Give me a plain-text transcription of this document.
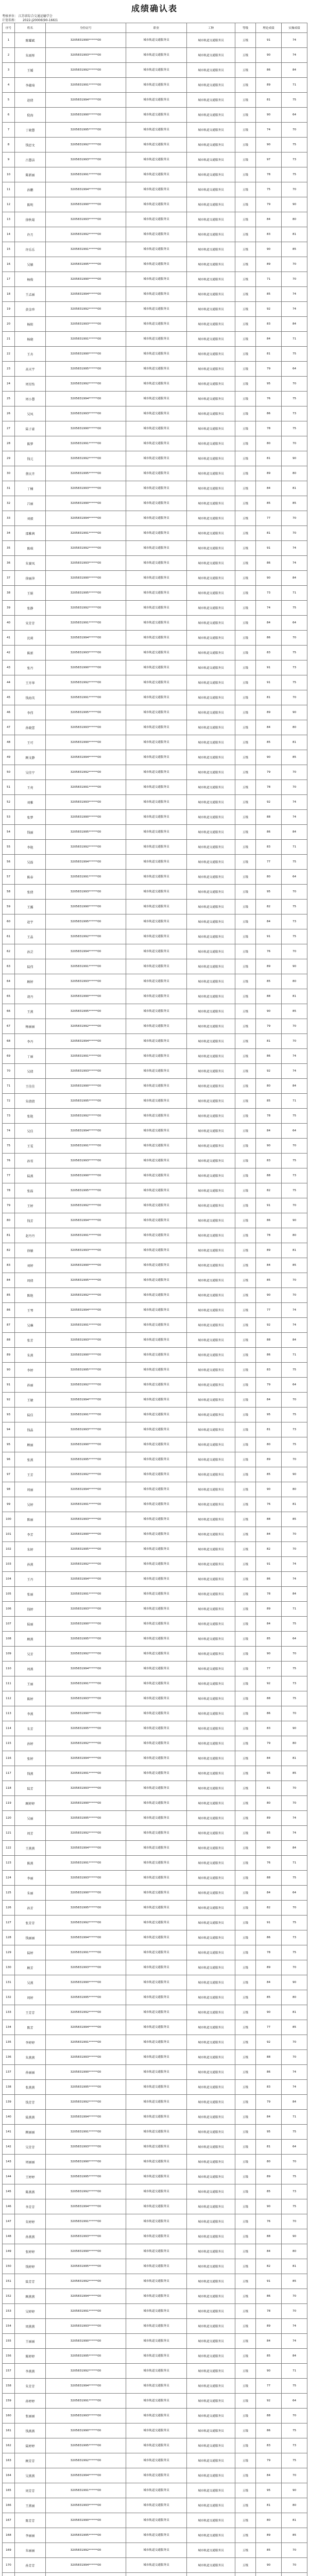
成绩确认表
考核单位： 江苏省综合交通运输学会
计划名称： 2022-J20006(90-166)1
序号	姓名	身份证号	职业	工种	等级	理论成绩	实操成绩
1	陈耀斌	3205831990******00	城市轨道交通服务员	城市轨道交通服务员	五级	91	74
2	朱雨彤	3205831993******00	城市轨道交通服务员	城市轨道交通服务员	五级	90	74
3	王媛	3205831992******00	城市轨道交通服务员	城市轨道交通服务员	五级	86	84
4	李蕴琦	3205831991******00	城市轨道交通服务员	城市轨道交通服务员	五级	89	71
5	赵倩	3205831994******00	城市轨道交通服务员	城市轨道交通服务员	五级	81	75
6	倪海	3205831990******00	城市轨道交通服务员	城市轨道交通服务员	五级	90	64
7	丁晓慧	3205831995******00	城市轨道交通服务员	城市轨道交通服务员	五级	74	70
8	钱思文	3205831992******00	城市轨道交通服务员	城市轨道交通服务员	五级	90	75
9	吕慧洁	3205831993******00	城市轨道交通服务员	城市轨道交通服务员	五级	97	73
10	陈新丽	3205831991******00	城市轨道交通服务员	城市轨道交通服务员	五级	78	75
11	孙鹏	3205831994******00	城市轨道交通服务员	城市轨道交通服务员	五级	75	70
12	陈明	3205831990******00	城市轨道交通服务员	城市轨道交通服务员	五级	79	90
13	徐秋菊	3205831993******00	城市轨道交通服务员	城市轨道交通服务员	五级	84	80
14	许月	3205831992******00	城市轨道交通服务员	城市轨道交通服务员	五级	83	81
15	许乐乐	3205831991******00	城市轨道交通服务员	城市轨道交通服务员	五级	90	85
16	吴敏	3205831995******00	城市轨道交通服务员	城市轨道交通服务员	五级	89	70
17	杨俊	3205831990******00	城市轨道交通服务员	城市轨道交通服务员	五级	71	70
18	王孟丽	3205831994******00	城市轨道交通服务员	城市轨道交通服务员	五级	85	74
19	黄金珍	3205831992******00	城市轨道交通服务员	城市轨道交通服务员	五级	92	74
20	杨阳	3205831993******00	城市轨道交通服务员	城市轨道交通服务员	五级	83	84
21	杨晓	3205831991******00	城市轨道交通服务员	城市轨道交通服务员	五级	84	71
22	王舟	3205831990******00	城市轨道交通服务员	城市轨道交通服务员	五级	81	75
23	高天宇	3205831995******00	城市轨道交通服务员	城市轨道交通服务员	五级	79	64
24	周星怡	3205831992******00	城市轨道交通服务员	城市轨道交通服务员	五级	95	70
25	周小慧	3205831994******00	城市轨道交通服务员	城市轨道交通服务员	五级	76	75
26	吴凤	3205831993******00	城市轨道交通服务员	城市轨道交通服务员	五级	86	73
27	陆子豪	3205831990******00	城市轨道交通服务员	城市轨道交通服务员	五级	78	75
28	陈梦	3205831991******00	城市轨道交通服务员	城市轨道交通服务员	五级	80	70
29	钱元	3205831992******00	城市轨道交通服务员	城市轨道交通服务员	五级	81	90
30	蔡庆卉	3205831995******00	城市轨道交通服务员	城市轨道交通服务员	五级	89	80
31	丁楠	3205831993******00	城市轨道交通服务员	城市轨道交通服务员	五级	84	81
32	吕丽	3205831990******00	城市轨道交通服务员	城市轨道交通服务员	五级	85	85
33	刘毅	3205831994******00	城市轨道交通服务员	城市轨道交通服务员	五级	77	70
34	邵雅茜	3205831991******00	城市轨道交通服务员	城市轨道交通服务员	五级	81	70
35	陈琪	3205831992******00	城市轨道交通服务员	城市轨道交通服务员	五级	91	74
36	朱赛凤	3205831993******00	城市轨道交通服务员	城市轨道交通服务员	五级	86	74
37	徐丽萍	3205831990******00	城市轨道交通服务员	城市轨道交通服务员	五级	90	84
38	王娟	3205831995******00	城市轨道交通服务员	城市轨道交通服务员	五级	73	71
39	张静	3205831992******00	城市轨道交通服务员	城市轨道交通服务员	五级	74	75
40	宋芳芳	3205831991******00	城市轨道交通服务员	城市轨道交通服务员	五级	84	64
41	沈莉	3205831994******00	城市轨道交通服务员	城市轨道交通服务员	五级	86	70
42	陈新	3205831993******00	城市轨道交通服务员	城市轨道交通服务员	五级	83	75
43	张丹	3205831990******00	城市轨道交通服务员	城市轨道交通服务员	五级	91	73
44	王开华	3205831992******00	城市轨道交通服务员	城市轨道交通服务员	五级	91	75
45	钱海英	3205831991******00	城市轨道交通服务员	城市轨道交通服务员	五级	81	70
46	李伟	3205831995******00	城市轨道交通服务员	城市轨道交通服务员	五级	89	90
47	孙晓蕾	3205831993******00	城市轨道交通服务员	城市轨道交通服务员	五级	84	80
48	王可	3205831990******00	城市轨道交通服务员	城市轨道交通服务员	五级	85	81
49	顾文静	3205831994******00	城市轨道交通服务员	城市轨道交通服务员	五级	90	85
50	吴佳宁	3205831992******00	城市轨道交通服务员	城市轨道交通服务员	五级	79	70
51	王亮	3205831991******00	城市轨道交通服务员	城市轨道交通服务员	五级	78	70
52	刘雅	3205831993******00	城市轨道交通服务员	城市轨道交通服务员	五级	92	74
53	张梦	3205831990******00	城市轨道交通服务员	城市轨道交通服务员	五级	88	74
54	钱丽	3205831995******00	城市轨道交通服务员	城市轨道交通服务员	五级	86	84
55	李艳	3205831992******00	城市轨道交通服务员	城市轨道交通服务员	五级	83	71
56	吴磊	3205831994******00	城市轨道交通服务员	城市轨道交通服务员	五级	77	75
57	陈春	3205831991******00	城市轨道交通服务员	城市轨道交通服务员	五级	80	64
58	张倩	3205831993******00	城市轨道交通服务员	城市轨道交通服务员	五级	95	70
59	王露	3205831990******00	城市轨道交通服务员	城市轨道交通服务员	五级	82	75
60	赵宇	3205831995******00	城市轨道交通服务员	城市轨道交通服务员	五级	84	73
61	王晶	3205831992******00	城市轨道交通服务员	城市轨道交通服务员	五级	91	75
62	孙芸	3205831994******00	城市轨道交通服务员	城市轨道交通服务员	五级	76	70
63	陆伟	3205831991******00	城市轨道交通服务员	城市轨道交通服务员	五级	89	90
64	顾婷	3205831993******00	城市轨道交通服务员	城市轨道交通服务员	五级	85	80
65	胡丹	3205831990******00	城市轨道交通服务员	城市轨道交通服务员	五级	88	81
66	王燕	3205831995******00	城市轨道交通服务员	城市轨道交通服务员	五级	90	85
67	杨丽丽	3205831992******00	城市轨道交通服务员	城市轨道交通服务员	五级	79	70
68	李丹	3205831994******00	城市轨道交通服务员	城市轨道交通服务员	五级	81	70
69	丁丽	3205831991******00	城市轨道交通服务员	城市轨道交通服务员	五级	86	74
70	吴倩	3205831993******00	城市轨道交通服务员	城市轨道交通服务员	五级	92	74
71	王佳佳	3205831990******00	城市轨道交通服务员	城市轨道交通服务员	五级	80	84
72	朱倩倩	3205831995******00	城市轨道交通服务员	城市轨道交通服务员	五级	85	71
73	张艳	3205831992******00	城市轨道交通服务员	城市轨道交通服务员	五级	78	75
74	吴佳	3205831994******00	城市轨道交通服务员	城市轨道交通服务员	五级	84	64
75	王雯	3205831991******00	城市轨道交通服务员	城市轨道交通服务员	五级	90	70
76	孙雪	3205831993******00	城市轨道交通服务员	城市轨道交通服务员	五级	83	75
77	陆燕	3205831990******00	城市轨道交通服务员	城市轨道交通服务员	五级	88	73
78	张磊	3205831995******00	城市轨道交通服务员	城市轨道交通服务员	五级	82	75
79	王婷	3205831992******00	城市轨道交通服务员	城市轨道交通服务员	五级	91	70
80	钱芳	3205831994******00	城市轨道交通服务员	城市轨道交通服务员	五级	86	90
81	赵丹丹	3205831991******00	城市轨道交通服务员	城市轨道交通服务员	五级	78	80
82	徐敏	3205831993******00	城市轨道交通服务员	城市轨道交通服务员	五级	89	81
83	刘婷	3205831990******00	城市轨道交通服务员	城市轨道交通服务员	五级	84	85
84	周倩	3205831995******00	城市轨道交通服务员	城市轨道交通服务员	五级	85	70
85	陈艳	3205831992******00	城市轨道交通服务员	城市轨道交通服务员	五级	90	70
86	王琴	3205831994******00	城市轨道交通服务员	城市轨道交通服务员	五级	77	74
87	吴琳	3205831991******00	城市轨道交通服务员	城市轨道交通服务员	五级	92	74
88	张芳	3205831993******00	城市轨道交通服务员	城市轨道交通服务员	五级	88	84
89	朱燕	3205831990******00	城市轨道交通服务员	城市轨道交通服务员	五级	86	71
90	李婷	3205831995******00	城市轨道交通服务员	城市轨道交通服务员	五级	83	75
91	孙丽	3205831992******00	城市轨道交通服务员	城市轨道交通服务员	五级	79	64
92	王敏	3205831994******00	城市轨道交通服务员	城市轨道交通服务员	五级	84	70
93	陆佳	3205831991******00	城市轨道交通服务员	城市轨道交通服务员	五级	95	75
94	钱晶	3205831993******00	城市轨道交通服务员	城市轨道交通服务员	五级	81	73
95	顾丽	3205831990******00	城市轨道交通服务员	城市轨道交通服务员	五级	80	75
96	张燕	3205831995******00	城市轨道交通服务员	城市轨道交通服务员	五级	89	70
97	王芳	3205831992******00	城市轨道交通服务员	城市轨道交通服务员	五级	85	90
98	周丽	3205831994******00	城市轨道交通服务员	城市轨道交通服务员	五级	90	80
99	吴婷	3205831991******00	城市轨道交通服务员	城市轨道交通服务员	五级	76	81
100	陈丽	3205831993******00	城市轨道交通服务员	城市轨道交通服务员	五级	88	85
101	李芳	3205831990******00	城市轨道交通服务员	城市轨道交通服务员	五级	84	70
102	朱婷	3205831995******00	城市轨道交通服务员	城市轨道交通服务员	五级	82	70
103	孙燕	3205831992******00	城市轨道交通服务员	城市轨道交通服务员	五级	91	74
104	王丹	3205831994******00	城市轨道交通服务员	城市轨道交通服务员	五级	86	74
105	张丽	3205831991******00	城市轨道交通服务员	城市轨道交通服务员	五级	78	84
106	钱婷	3205831993******00	城市轨道交通服务员	城市轨道交通服务员	五级	89	71
107	陆丽	3205831990******00	城市轨道交通服务员	城市轨道交通服务员	五级	84	75
108	顾燕	3205831995******00	城市轨道交通服务员	城市轨道交通服务员	五级	85	64
109	吴芳	3205831992******00	城市轨道交通服务员	城市轨道交通服务员	五级	90	70
110	周燕	3205831994******00	城市轨道交通服务员	城市轨道交通服务员	五级	77	75
111	王丽	3205831991******00	城市轨道交通服务员	城市轨道交通服务员	五级	92	73
112	陈婷	3205831993******00	城市轨道交通服务员	城市轨道交通服务员	五级	88	75
113	李燕	3205831990******00	城市轨道交通服务员	城市轨道交通服务员	五级	86	70
114	朱芳	3205831995******00	城市轨道交通服务员	城市轨道交通服务员	五级	83	90
115	孙婷	3205831992******00	城市轨道交通服务员	城市轨道交通服务员	五级	79	80
116	张婷	3205831994******00	城市轨道交通服务员	城市轨道交通服务员	五级	84	81
117	钱燕	3205831991******00	城市轨道交通服务员	城市轨道交通服务员	五级	95	85
118	陆芳	3205831993******00	城市轨道交通服务员	城市轨道交通服务员	五级	81	70
119	顾婷婷	3205831990******00	城市轨道交通服务员	城市轨道交通服务员	五级	80	70
120	吴丽	3205831995******00	城市轨道交通服务员	城市轨道交通服务员	五级	89	74
121	周芳	3205831992******00	城市轨道交通服务员	城市轨道交通服务员	五级	85	74
122	王燕燕	3205831994******00	城市轨道交通服务员	城市轨道交通服务员	五级	90	84
123	陈燕	3205831991******00	城市轨道交通服务员	城市轨道交通服务员	五级	76	71
124	李丽	3205831993******00	城市轨道交通服务员	城市轨道交通服务员	五级	88	75
125	朱丽	3205831990******00	城市轨道交通服务员	城市轨道交通服务员	五级	84	64
126	孙芳	3205831995******00	城市轨道交通服务员	城市轨道交通服务员	五级	82	70
127	张芳芳	3205831992******00	城市轨道交通服务员	城市轨道交通服务员	五级	91	75
128	钱丽丽	3205831994******00	城市轨道交通服务员	城市轨道交通服务员	五级	86	73
129	陆婷	3205831991******00	城市轨道交通服务员	城市轨道交通服务员	五级	78	75
130	顾芳	3205831993******00	城市轨道交通服务员	城市轨道交通服务员	五级	89	70
131	吴燕	3205831990******00	城市轨道交通服务员	城市轨道交通服务员	五级	84	90
132	周婷	3205831995******00	城市轨道交通服务员	城市轨道交通服务员	五级	85	80
133	王芳芳	3205831992******00	城市轨道交通服务员	城市轨道交通服务员	五级	90	81
134	陈芳	3205831994******00	城市轨道交通服务员	城市轨道交通服务员	五级	77	85
135	李婷婷	3205831991******00	城市轨道交通服务员	城市轨道交通服务员	五级	92	70
136	朱燕燕	3205831993******00	城市轨道交通服务员	城市轨道交通服务员	五级	88	70
137	孙丽丽	3205831990******00	城市轨道交通服务员	城市轨道交通服务员	五级	86	74
138	张燕燕	3205831995******00	城市轨道交通服务员	城市轨道交通服务员	五级	83	74
139	钱芳芳	3205831992******00	城市轨道交通服务员	城市轨道交通服务员	五级	79	84
140	陆燕燕	3205831994******00	城市轨道交通服务员	城市轨道交通服务员	五级	84	71
141	顾丽丽	3205831991******00	城市轨道交通服务员	城市轨道交通服务员	五级	95	75
142	吴芳芳	3205831993******00	城市轨道交通服务员	城市轨道交通服务员	五级	81	64
143	周丽丽	3205831990******00	城市轨道交通服务员	城市轨道交通服务员	五级	80	70
144	王婷婷	3205831995******00	城市轨道交通服务员	城市轨道交通服务员	五级	89	75
145	陈燕燕	3205831992******00	城市轨道交通服务员	城市轨道交通服务员	五级	85	73
146	李芳芳	3205831994******00	城市轨道交通服务员	城市轨道交通服务员	五级	90	75
147	朱婷婷	3205831991******00	城市轨道交通服务员	城市轨道交通服务员	五级	76	70
148	孙燕燕	3205831993******00	城市轨道交通服务员	城市轨道交通服务员	五级	88	90
149	张婷婷	3205831990******00	城市轨道交通服务员	城市轨道交通服务员	五级	84	80
150	钱婷婷	3205831995******00	城市轨道交通服务员	城市轨道交通服务员	五级	82	81
151	陆芳芳	3205831992******00	城市轨道交通服务员	城市轨道交通服务员	五级	91	85
152	顾燕燕	3205831994******00	城市轨道交通服务员	城市轨道交通服务员	五级	86	70
153	吴婷婷	3205831991******00	城市轨道交通服务员	城市轨道交通服务员	五级	78	70
154	周燕燕	3205831993******00	城市轨道交通服务员	城市轨道交通服务员	五级	89	74
155	王丽丽	3205831990******00	城市轨道交通服务员	城市轨道交通服务员	五级	84	74
156	陈婷婷	3205831995******00	城市轨道交通服务员	城市轨道交通服务员	五级	85	84
157	李燕燕	3205831992******00	城市轨道交通服务员	城市轨道交通服务员	五级	90	71
158	朱芳芳	3205831994******00	城市轨道交通服务员	城市轨道交通服务员	五级	77	75
159	孙婷婷	3205831991******00	城市轨道交通服务员	城市轨道交通服务员	五级	92	64
160	张丽丽	3205831993******00	城市轨道交通服务员	城市轨道交通服务员	五级	88	70
161	钱燕燕	3205831990******00	城市轨道交通服务员	城市轨道交通服务员	五级	86	75
162	陆婷婷	3205831995******00	城市轨道交通服务员	城市轨道交通服务员	五级	83	73
163	顾芳芳	3205831992******00	城市轨道交通服务员	城市轨道交通服务员	五级	79	75
164	吴燕燕	3205831994******00	城市轨道交通服务员	城市轨道交通服务员	五级	84	70
165	周芳芳	3205831991******00	城市轨道交通服务员	城市轨道交通服务员	五级	95	90
166	王燕丽	3205831993******00	城市轨道交通服务员	城市轨道交通服务员	五级	81	80
167	陈芳芳	3205831990******00	城市轨道交通服务员	城市轨道交通服务员	五级	80	81
168	李丽丽	3205831995******00	城市轨道交通服务员	城市轨道交通服务员	五级	89	85
169	朱丽丽	3205831992******00	城市轨道交通服务员	城市轨道交通服务员	五级	85	70
170	孙芳芳	3205831994******00	城市轨道交通服务员	城市轨道交通服务员	五级	90	70
